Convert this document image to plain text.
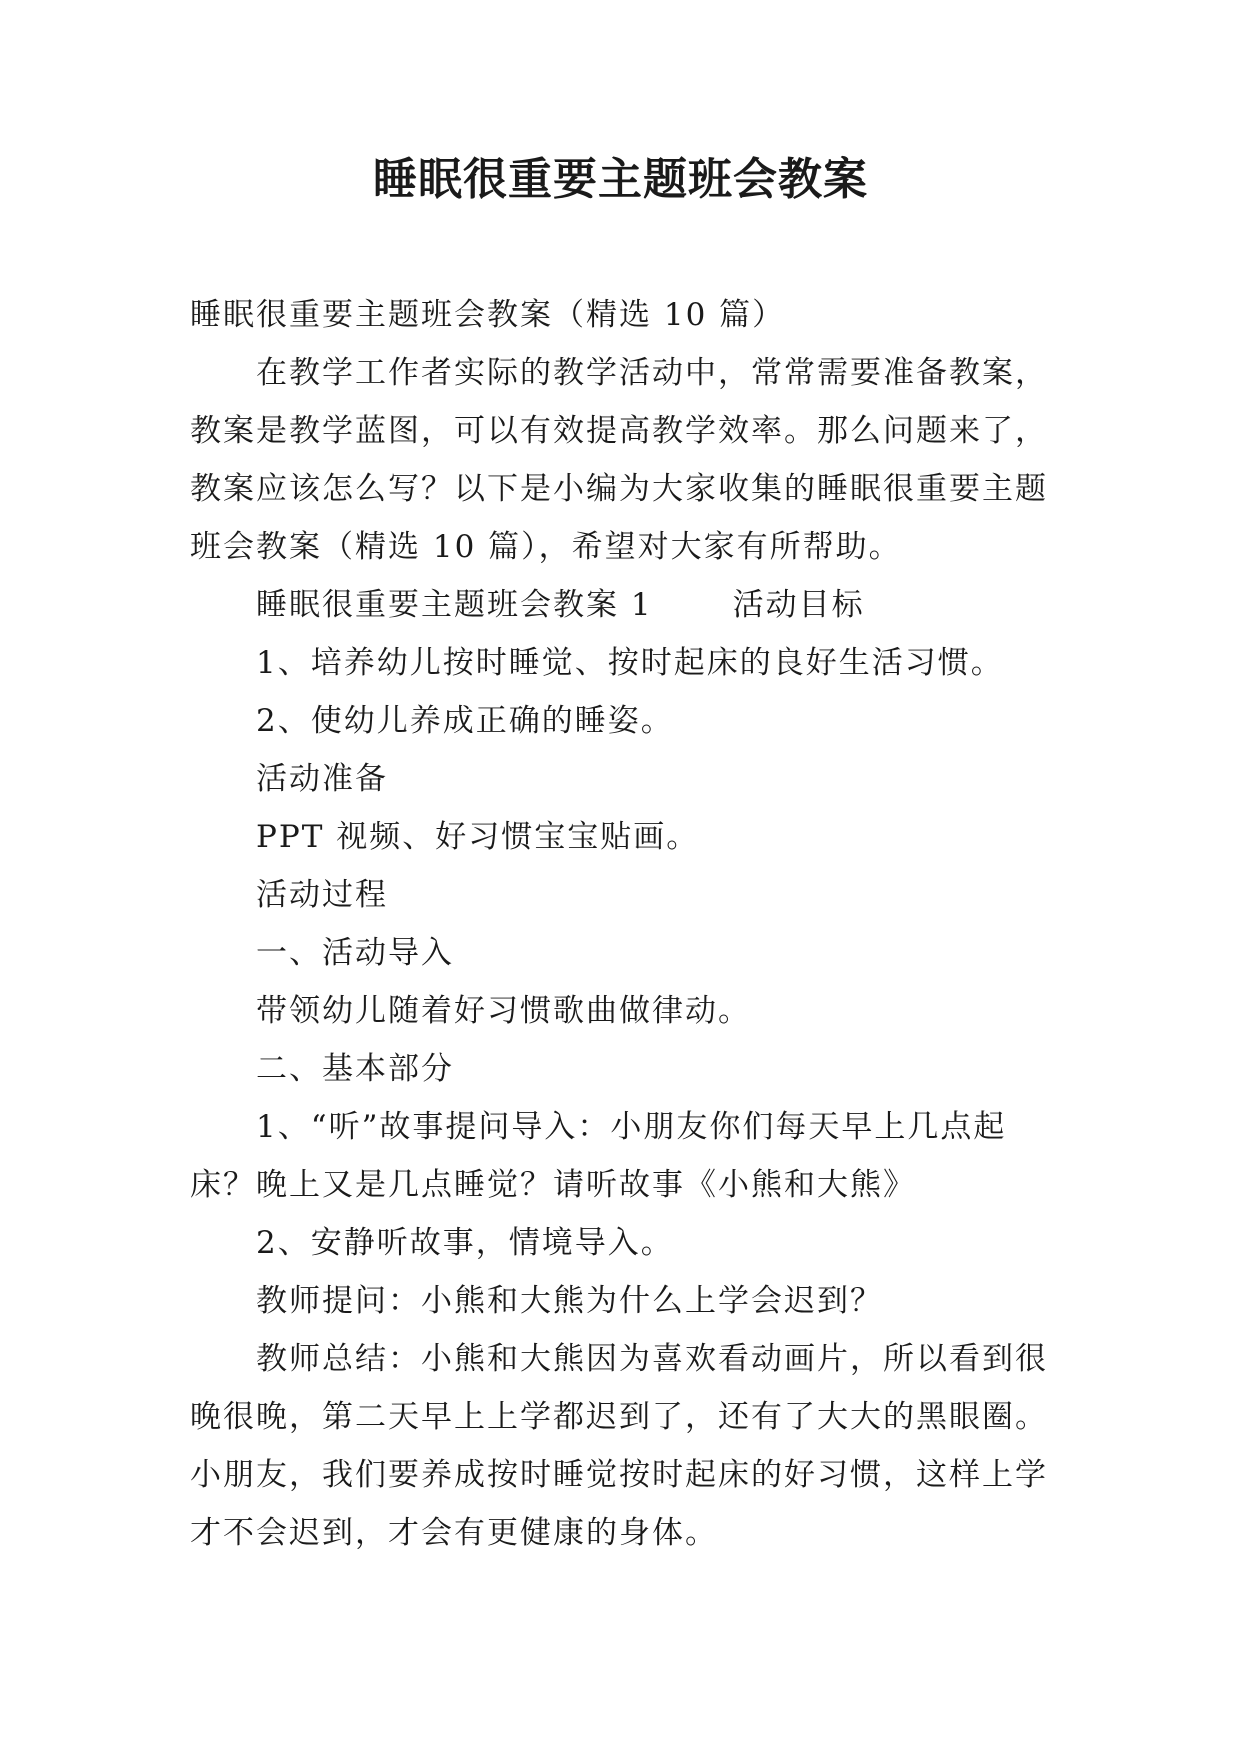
睡眠很重要主题班会教案

睡眠很重要主题班会教案（精选 10 篇）

在教学工作者实际的教学活动中，常常需要准备教案，教案是教学蓝图，可以有效提高教学效率。那么问题来了，教案应该怎么写？以下是小编为大家收集的睡眠很重要主题班会教案（精选 10 篇），希望对大家有所帮助。

睡眠很重要主题班会教案 1	活动目标

1、培养幼儿按时睡觉、按时起床的良好生活习惯。

2、使幼儿养成正确的睡姿。

活动准备

PPT 视频、好习惯宝宝贴画。

活动过程

一、活动导入

带领幼儿随着好习惯歌曲做律动。

二、基本部分

1、“听”故事提问导入：小朋友你们每天早上几点起床？晚上又是几点睡觉？请听故事《小熊和大熊》

2、安静听故事，情境导入。

教师提问：小熊和大熊为什么上学会迟到？

教师总结：小熊和大熊因为喜欢看动画片，所以看到很晚很晚，第二天早上上学都迟到了，还有了大大的黑眼圈。小朋友，我们要养成按时睡觉按时起床的好习惯，这样上学才不会迟到，才会有更健康的身体。
